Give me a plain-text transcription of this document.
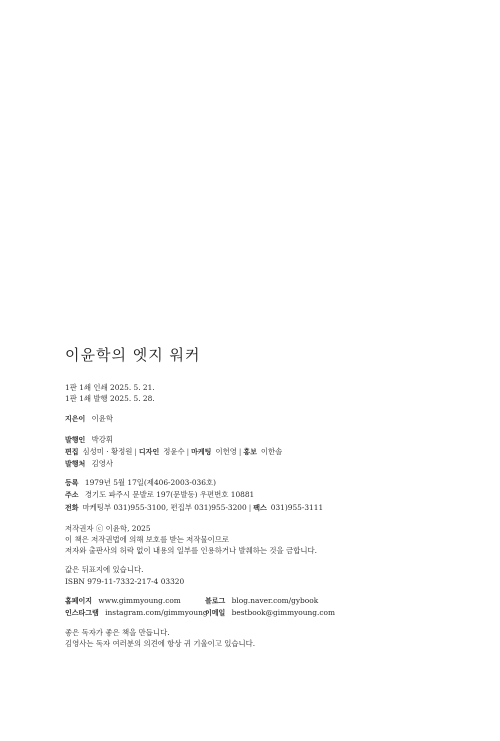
이윤학의 엣지 워커
1판 1쇄 인쇄 2025. 5. 21.
1판 1쇄 발행 2025. 5. 28.
지은이 이윤학
발행인 박강휘
편집 심성미 · 황정원 | 디자인 정윤수 | 마케팅 이헌영 | 홍보 이한솔
발행처 김영사
등록 1979년 5월 17일(제406-2003-036호)
주소 경기도 파주시 문발로 197(문발동) 우편번호 10881
전화 마케팅부 031)955-3100, 편집부 031)955-3200 | 팩스 031)955-3111
저작권자 ⓒ 이윤학, 2025
이 책은 저작권법에 의해 보호를 받는 저작물이므로
저자와 출판사의 허락 없이 내용의 일부를 인용하거나 발췌하는 것을 금합니다.
값은 뒤표지에 있습니다.
ISBN 979-11-7332-217-4 03320
홈페이지 www.gimmyoung.com	블로그 blog.naver.com/gybook
인스타그램 instagram.com/gimmyoung
이메일 bestbook@gimmyoung.com
좋은 독자가 좋은 책을 만듭니다.
김영사는 독자 여러분의 의견에 항상 귀 기울이고 있습니다.
